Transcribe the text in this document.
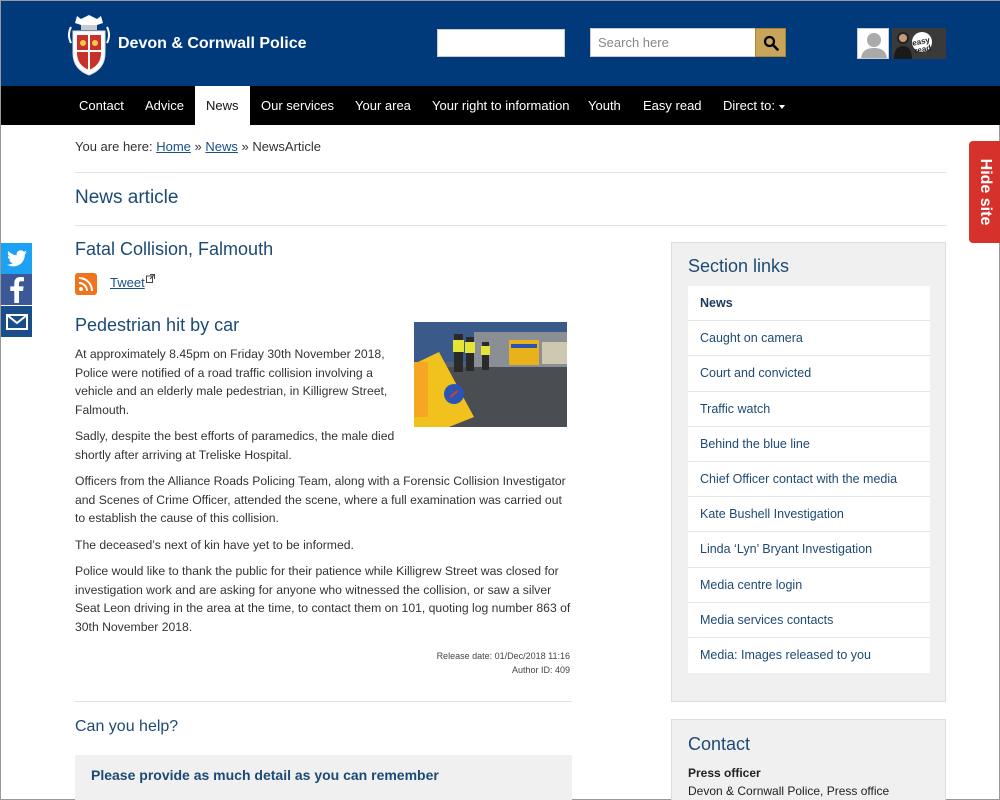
Devon & Cornwall Police
Search here	easy read
Contact	Advice	News	Our services	Your area	Your right to information	Youth	Easy read	Direct to:
You are here: Home » News » NewsArticle
News article	Hide site
Fatal Collision, Falmouth
Tweet
Pedestrian hit by car

At approximately 8.45pm on Friday 30th November 2018, Police were notified of a road traffic collision involving a vehicle and an elderly male pedestrian, in Killigrew Street, Falmouth.

Sadly, despite the best efforts of paramedics, the male died shortly after arriving at Treliske Hospital.

Officers from the Alliance Roads Policing Team, along with a Forensic Collision Investigator and Scenes of Crime Officer, attended the scene, where a full examination was carried out to establish the cause of this collision.

The deceased’s next of kin have yet to be informed.

Police would like to thank the public for their patience while Killigrew Street was closed for investigation work and are asking for anyone who witnessed the collision, or saw a silver Seat Leon driving in the area at the time, to contact them on 101, quoting log number 863 of 30th November 2018.

Release date: 01/Dec/2018 11:16
Author ID: 409
Can you help?
Please provide as much detail as you can remember
Section links
News
Caught on camera
Court and convicted
Traffic watch
Behind the blue line
Chief Officer contact with the media
Kate Bushell Investigation
Linda ‘Lyn’ Bryant Investigation
Media centre login
Media services contacts
Media: Images released to you
Contact
Press officer
Devon & Cornwall Police, Press office
